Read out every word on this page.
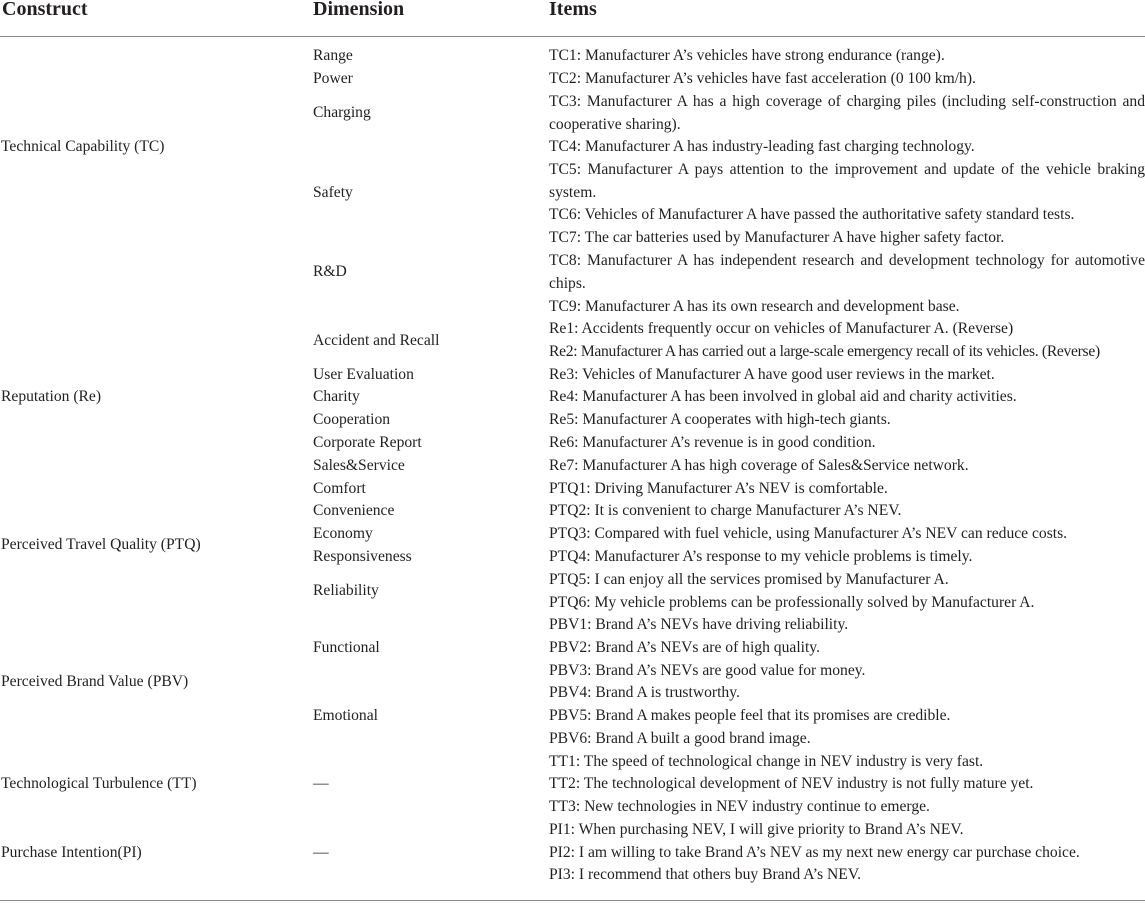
Construct	Dimension	Items
Technical Capability (TC)
Reputation (Re)
Perceived Travel Quality (PTQ)
Perceived Brand Value (PBV)
Technological Turbulence (TT)
Purchase Intention(PI)
Range
Power
Charging
Safety
R&D
Accident and Recall
User Evaluation
Charity
Cooperation
Corporate Report
Sales&Service
Comfort
Convenience
Economy
Responsiveness
Reliability
Functional
Emotional
—
—
TC1: Manufacturer A’s vehicles have strong endurance (range).
TC2: Manufacturer A’s vehicles have fast acceleration (0 100 km/h).
TC3: Manufacturer A has a high coverage of charging piles (including self-construction and cooperative sharing).
TC4: Manufacturer A has industry-leading fast charging technology.
TC5: Manufacturer A pays attention to the improvement and update of the vehicle braking system.
TC6: Vehicles of Manufacturer A have passed the authoritative safety standard tests.
TC7: The car batteries used by Manufacturer A have higher safety factor.
TC8: Manufacturer A has independent research and development technology for automotive chips.
TC9: Manufacturer A has its own research and development base.
Re1: Accidents frequently occur on vehicles of Manufacturer A. (Reverse)
Re2: Manufacturer A has carried out a large-scale emergency recall of its vehicles. (Reverse)
Re3: Vehicles of Manufacturer A have good user reviews in the market.
Re4: Manufacturer A has been involved in global aid and charity activities.
Re5: Manufacturer A cooperates with high-tech giants.
Re6: Manufacturer A’s revenue is in good condition.
Re7: Manufacturer A has high coverage of Sales&Service network.
PTQ1: Driving Manufacturer A’s NEV is comfortable.
PTQ2: It is convenient to charge Manufacturer A’s NEV.
PTQ3: Compared with fuel vehicle, using Manufacturer A’s NEV can reduce costs.
PTQ4: Manufacturer A’s response to my vehicle problems is timely.
PTQ5: I can enjoy all the services promised by Manufacturer A.
PTQ6: My vehicle problems can be professionally solved by Manufacturer A.
PBV1: Brand A’s NEVs have driving reliability.
PBV2: Brand A’s NEVs are of high quality.
PBV3: Brand A’s NEVs are good value for money.
PBV4: Brand A is trustworthy.
PBV5: Brand A makes people feel that its promises are credible.
PBV6: Brand A built a good brand image.
TT1: The speed of technological change in NEV industry is very fast.
TT2: The technological development of NEV industry is not fully mature yet.
TT3: New technologies in NEV industry continue to emerge.
PI1: When purchasing NEV, I will give priority to Brand A’s NEV.
PI2: I am willing to take Brand A’s NEV as my next new energy car purchase choice.
PI3: I recommend that others buy Brand A’s NEV.
